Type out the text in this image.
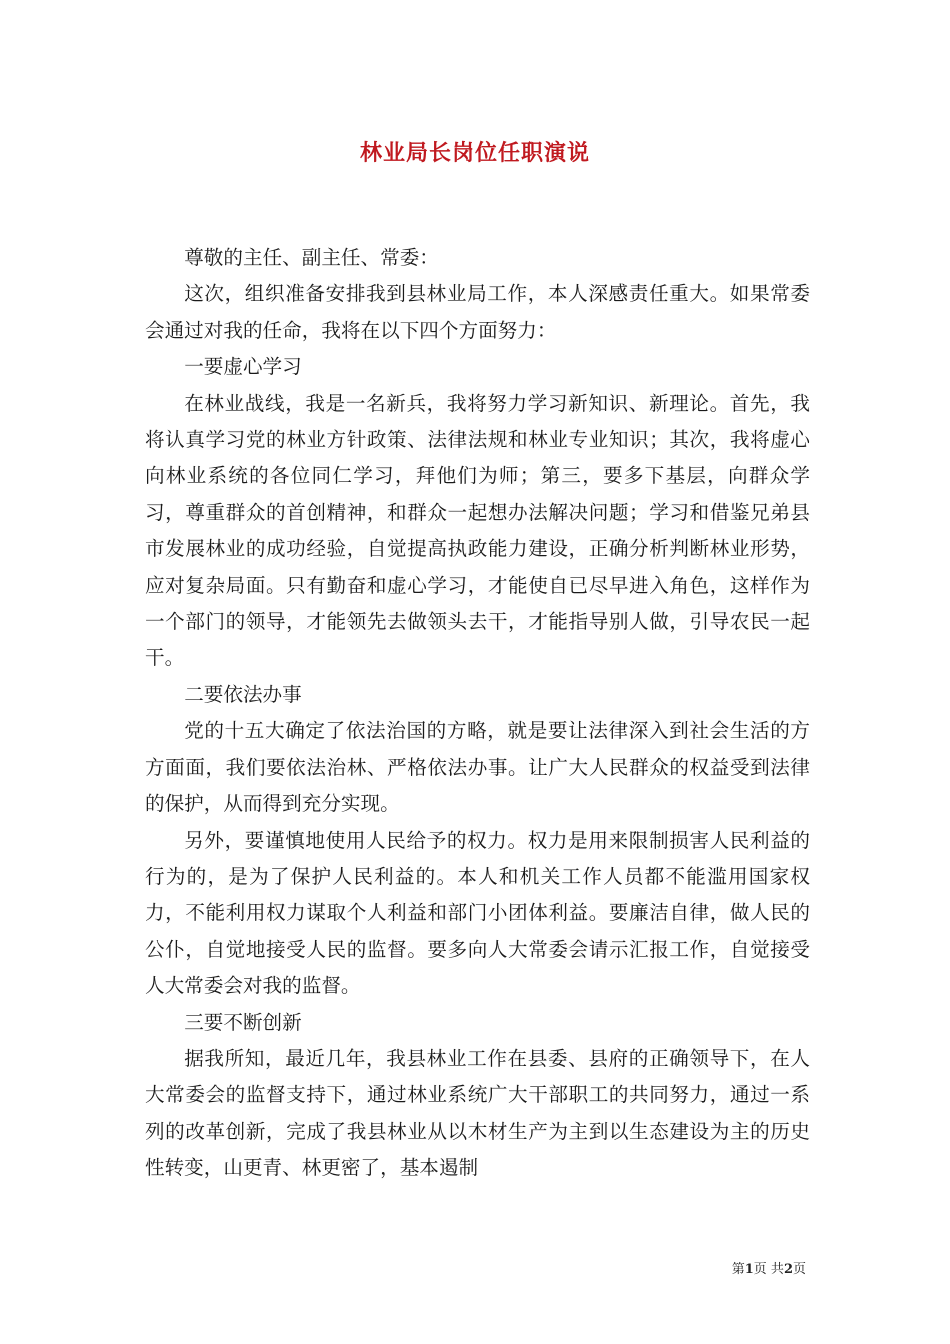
林业局长岗位任职演说

尊敬的主任、副主任、常委：

这次，组织准备安排我到县林业局工作，本人深感责任重大。如果常委会通过对我的任命，我将在以下四个方面努力：

一要虚心学习

在林业战线，我是一名新兵，我将努力学习新知识、新理论。首先，我将认真学习党的林业方针政策、法律法规和林业专业知识；其次，我将虚心向林业系统的各位同仁学习，拜他们为师；第三，要多下基层，向群众学习，尊重群众的首创精神，和群众一起想办法解决问题；学习和借鉴兄弟县市发展林业的成功经验，自觉提高执政能力建设，正确分析判断林业形势，应对复杂局面。只有勤奋和虚心学习，才能使自已尽早进入角色，这样作为一个部门的领导，才能领先去做领头去干，才能指导别人做，引导农民一起干。

二要依法办事

党的十五大确定了依法治国的方略，就是要让法律深入到社会生活的方方面面，我们要依法治林、严格依法办事。让广大人民群众的权益受到法律的保护，从而得到充分实现。

另外，要谨慎地使用人民给予的权力。权力是用来限制损害人民利益的行为的，是为了保护人民利益的。本人和机关工作人员都不能滥用国家权力，不能利用权力谋取个人利益和部门小团体利益。要廉洁自律，做人民的公仆，自觉地接受人民的监督。要多向人大常委会请示汇报工作，自觉接受人大常委会对我的监督。

三要不断创新

据我所知，最近几年，我县林业工作在县委、县府的正确领导下，在人大常委会的监督支持下，通过林业系统广大干部职工的共同努力，通过一系列的改革创新，完成了我县林业从以木材生产为主到以生态建设为主的历史性转变，山更青、林更密了，基本遏制

第1页 共2页
